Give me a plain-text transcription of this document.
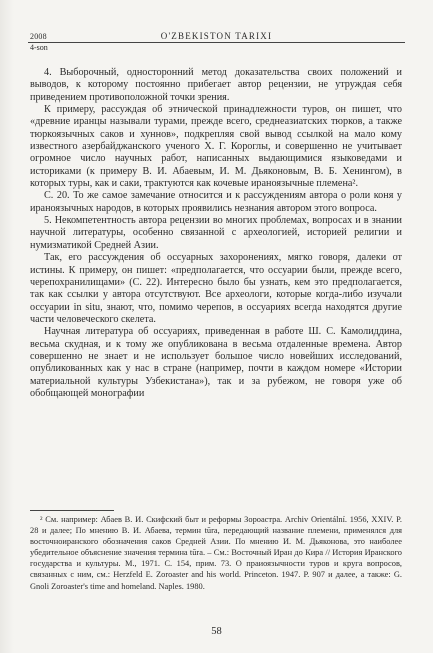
2008	O'ZBEKISTON TARIXI
4-son

4. Выборочный, односторонний метод доказательства своих положений и выводов, к которому постоянно прибегает автор рецензии, не утруждая себя приведением противоположной точки зрения.

К примеру, рассуждая об этнической принадлежности туров, он пишет, что «древние иранцы называли турами, прежде всего, среднеазиатских тюрков, а также тюркоязычных саков и хуннов», подкрепляя свой вывод ссылкой на мало кому известного азербайджанского ученого Х. Г. Короглы, и совершенно не учитывает огромное число научных работ, написанных выдающимися языковедами и историками (к примеру В. И. Абаевым, И. М. Дьяконовым, В. Б. Хенингом), в которых туры, как и саки, трактуются как кочевые ираноязычные племена².

С. 20. То же самое замечание относится и к рассуждениям автора о роли коня у ираноязычных народов, в которых проявились незнания автором этого вопроса.

5. Некомпетентность автора рецензии во многих проблемах, вопросах и в знании научной литературы, особенно связанной с археологией, историей религии и нумизматикой Средней Азии.

Так, его рассуждения об оссуарных захоронениях, мягко говоря, далеки от истины. К примеру, он пишет: «предполагается, что оссуарии были, прежде всего, черепохранилищами» (С. 22). Интересно было бы узнать, кем это предполагается, так как ссылки у автора отсутствуют. Все археологи, которые когда-либо изучали оссуарии in situ, знают, что, помимо черепов, в оссуариях всегда находятся другие части человеческого скелета.

Научная литература об оссуариях, приведенная в работе Ш. С. Камолиддина, весьма скудная, и к тому же опубликована в весьма отдаленные времена. Автор совершенно не знает и не использует большое число новейших исследований, опубликованных как у нас в стране (например, почти в каждом номере «Истории материальной культуры Узбекистана»), так и за рубежом, не говоря уже об обобщающей монографии

² См. например: Абаев В. И. Скифский быт и реформы Зороастра. Archiv Orientální. 1956, XXIV. P. 28 и далее; По мнению В. И. Абаева, термин tūra, передающий название племени, применялся для восточноиранского обозначения саков Средней Азии. По мнению И. М. Дьяконова, это наиболее убедительное объяснение значения термина tūra. – См.: Восточный Иран до Кира // История Иранского государства и культуры. М., 1971. С. 154, прим. 73. О праиоязычности туров и круга вопросов, связанных с ним, см.: Herzfeld E. Zoroaster and his world. Princeton. 1947. P. 907 и далее, а также: G. Gnoli Zoroaster's time and homeland. Naples. 1980.

58
